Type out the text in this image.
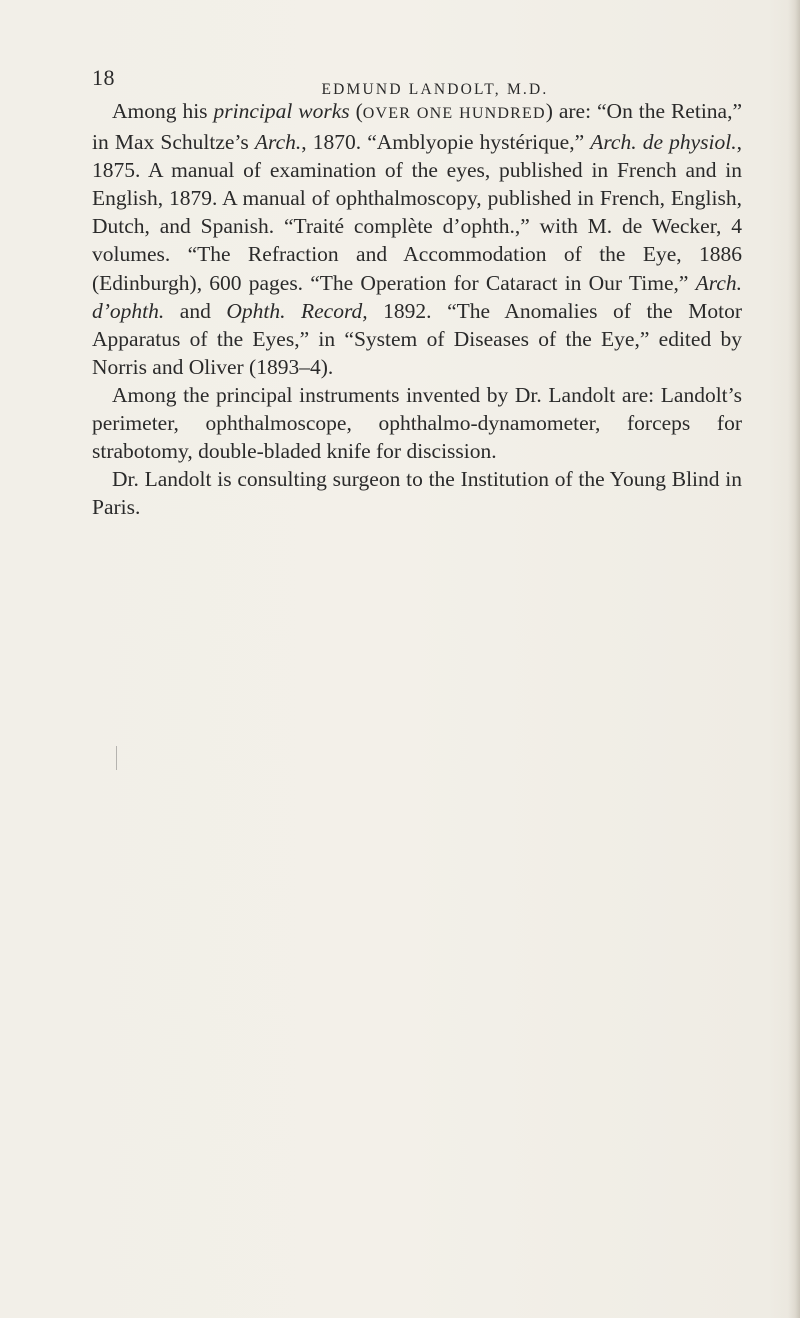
18	EDMUND LANDOLT, M.D.

Among his principal works (OVER ONE HUNDRED) are: “On the Retina,” in Max Schultze’s Arch., 1870. “Amblyopie hystérique,” Arch. de physiol., 1875. A manual of examination of the eyes, published in French and in English, 1879. A manual of ophthalmoscopy, published in French, English, Dutch, and Spanish. “Traité complète d’ophth.,” with M. de Wecker, 4 volumes. “The Refraction and Accommodation of the Eye, 1886 (Edinburgh), 600 pages. “The Operation for Cataract in Our Time,” Arch. d’ophth. and Ophth. Record, 1892. “The Anomalies of the Motor Apparatus of the Eyes,” in “System of Diseases of the Eye,” edited by Norris and Oliver (1893–4).

Among the principal instruments invented by Dr. Landolt are: Landolt’s perimeter, ophthalmoscope, ophthalmo-dynamometer, forceps for strabotomy, double-bladed knife for discission.

Dr. Landolt is consulting surgeon to the Institution of the Young Blind in Paris.
